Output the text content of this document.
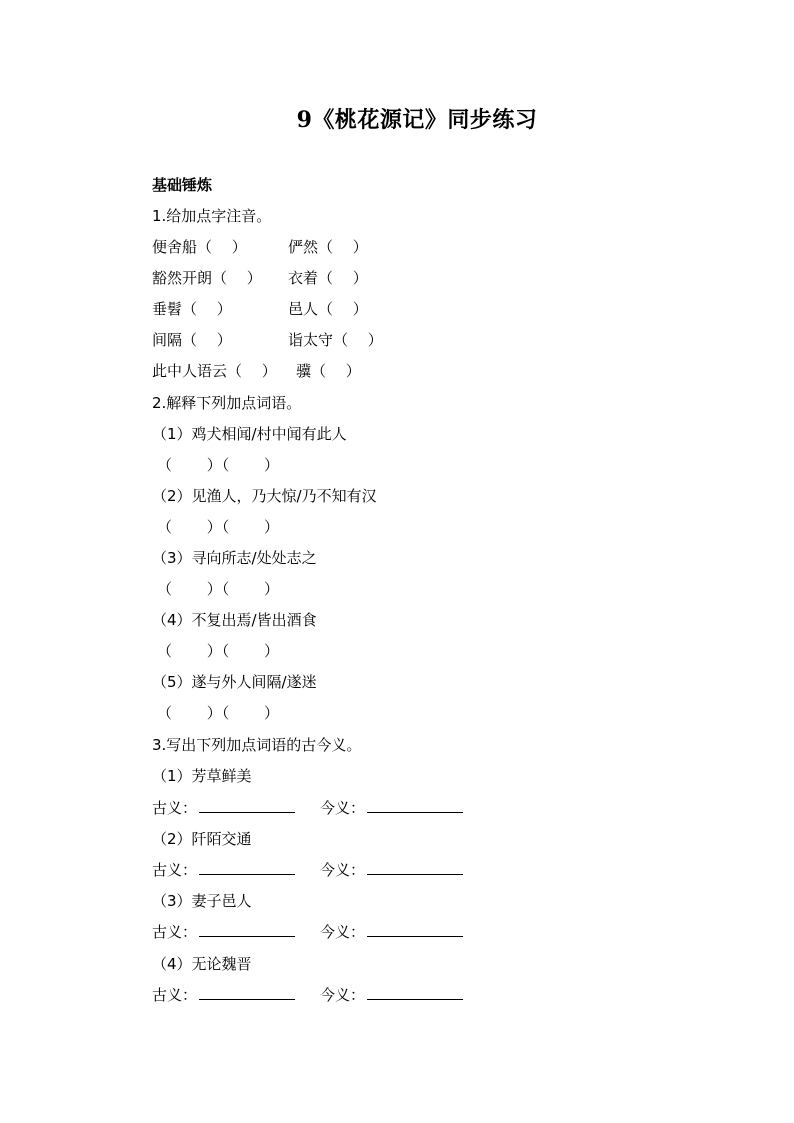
9《桃花源记》同步练习
基础锤炼
1.给加点字注音。
便舍船（　 ）	俨然（　 ）
豁然开朗（　 ） 衣着（　 ）
垂髫（　 ）	邑人（　 ）
间隔（　 ）	诣太守（　 ）
此中人语云（　 ） 骥（　 ）
2.解释下列加点词语。
（1）鸡犬相闻/村中闻有此人
（　　 ）（　　 ）
（2）见渔人，乃大惊/乃不知有汉
（　　 ）（　　 ）
（3）寻向所志/处处志之
（　　 ）（　　 ）
（4）不复出焉/皆出酒食
（　　 ）（　　 ）
（5）遂与外人间隔/遂迷
（　　 ）（　　 ）
3.写出下列加点词语的古今义。
（1）芳草鲜美
古义：	今义：
（2）阡陌交通
古义：	今义：
（3）妻子邑人
古义：	今义：
（4）无论魏晋
古义：	今义：
